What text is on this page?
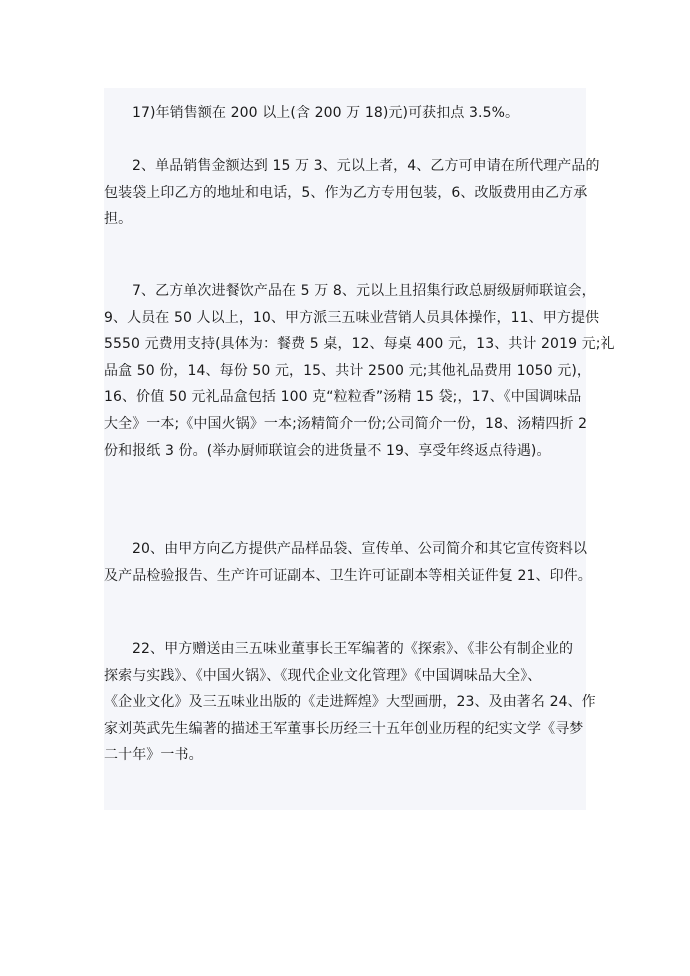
17)年销售额在 200 以上(含 200 万 18)元)可获扣点 3.5%。
2、单品销售金额达到 15 万 3、元以上者，4、乙方可申请在所代理产品的
包装袋上印乙方的地址和电话，5、作为乙方专用包装，6、改版费用由乙方承
担。
7、乙方单次进餐饮产品在 5 万 8、元以上且招集行政总厨级厨师联谊会，
9、人员在 50 人以上，10、甲方派三五味业营销人员具体操作，11、甲方提供
5550 元费用支持(具体为：餐费 5 桌，12、每桌 400 元，13、共计 2019 元;礼
品盒 50 份，14、每份 50 元，15、共计 2500 元;其他礼品费用 1050 元)，
16、价值 50 元礼品盒包括 100 克“粒粒香”汤精 15 袋;，17、《中国调味品
大全》一本;《中国火锅》一本;汤精简介一份;公司简介一份，18、汤精四折 2
份和报纸 3 份。(举办厨师联谊会的进货量不 19、享受年终返点待遇)。
20、由甲方向乙方提供产品样品袋、宣传单、公司简介和其它宣传资料以
及产品检验报告、生产许可证副本、卫生许可证副本等相关证件复 21、印件。
22、甲方赠送由三五味业董事长王军编著的《探索》、《非公有制企业的
探索与实践》、《中国火锅》、《现代企业文化管理》《中国调味品大全》、
《企业文化》及三五味业出版的《走进辉煌》大型画册，23、及由著名 24、作
家刘英武先生编著的描述王军董事长历经三十五年创业历程的纪实文学《寻梦
二十年》一书。
